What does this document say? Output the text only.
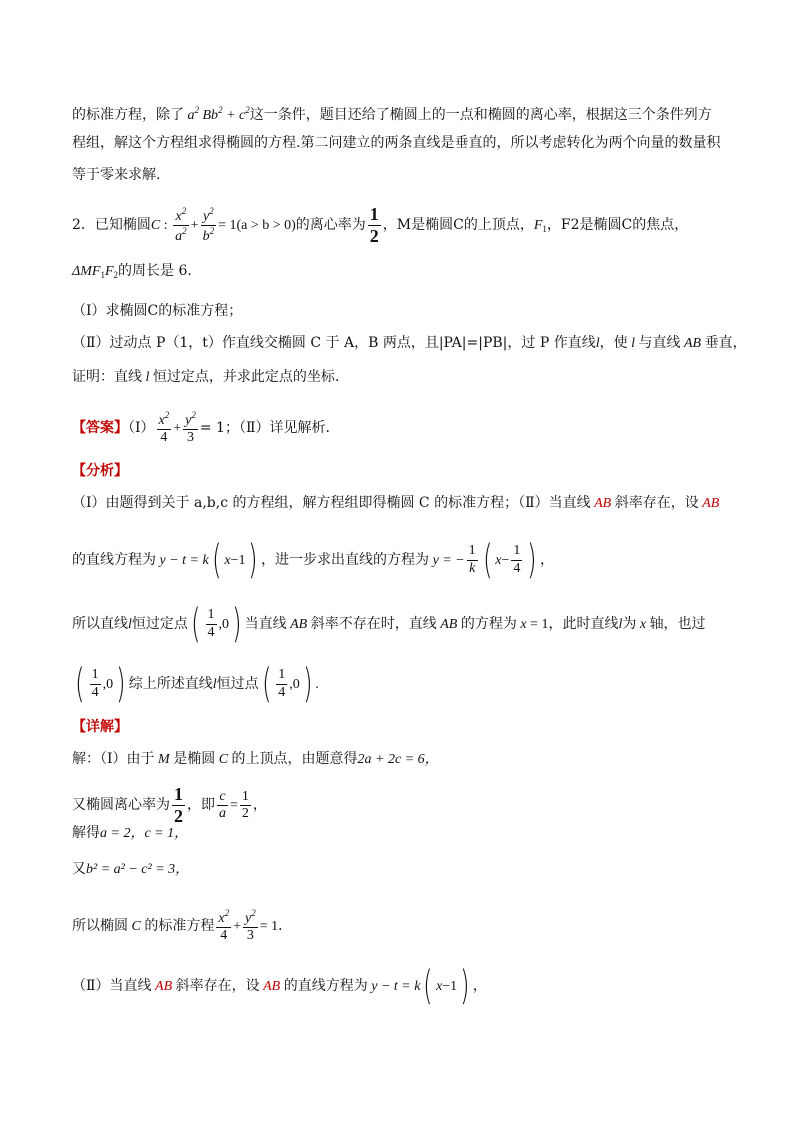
的标准方程，除了 $a^2$ $Bb^2 + c^2$这一条件，题目还给了椭圆上的一点和椭圆的离心率，根据这三个条件列方
程组，解这个方程组求得椭圆的方程.第二问建立的两条直线是垂直的，所以考虑转化为两个向量的数量积
等于零来求解.
2．已知椭圆C : $\frac{x^2}{a^2} + \frac{y^2}{b^2} = 1(a > b > 0)$的离心率为 $\frac{1}{2}$ ，M是椭圆C的上顶点，$F_1$，F2是椭圆C的焦点，
$\Delta MF_1F_2$的周长是 6.
（Ⅰ）求椭圆C的标准方程；
（Ⅱ）过动点 P（1，t）作直线交椭圆 C 于 A，B 两点，且|PA|=|PB|，过 P 作直线l，使 l 与直线 AB 垂直，
证明：直线 l 恒过定点，并求此定点的坐标.
【答案】（Ⅰ） $\frac{x^2}{4} + \frac{y^2}{3} = 1$；（Ⅱ）详见解析.
【分析】
（Ⅰ）由题得到关于 a,b,c 的方程组，解方程组即得椭圆 C 的标准方程；（Ⅱ）当直线 AB 斜率存在，设 AB
的直线方程为 y − t = k( x−1) ，进一步求出直线的方程为 y = − $\frac{1}{k}$ ( $x- \frac{1}{4}$ ) ，
所以直线l恒过定点( $\frac{1}{4} ,0$) 当直线 AB 斜率不存在时，直线 AB 的方程为 x = 1，此时直线l为 x 轴，也过
( $\frac{1}{4} ,0$) 综上所述直线l恒过点( $\frac{1}{4} ,0$) .
【详解】
解：（Ⅰ）由于 M 是椭圆 C 的上顶点，由题意得2a + 2c = 6，
又椭圆离心率为 $\frac{1}{2}$ ，即 $\frac{c}{a} = \frac{1}{2}$ ，
解得a = 2，c = 1，
又b² = a² − c² = 3，
所以椭圆 C 的标准方程 $\frac{x^2}{4} + \frac{y^2}{3} = 1$．
（Ⅱ）当直线 AB 斜率存在，设 AB 的直线方程为 y − t = k( x−1) ，
